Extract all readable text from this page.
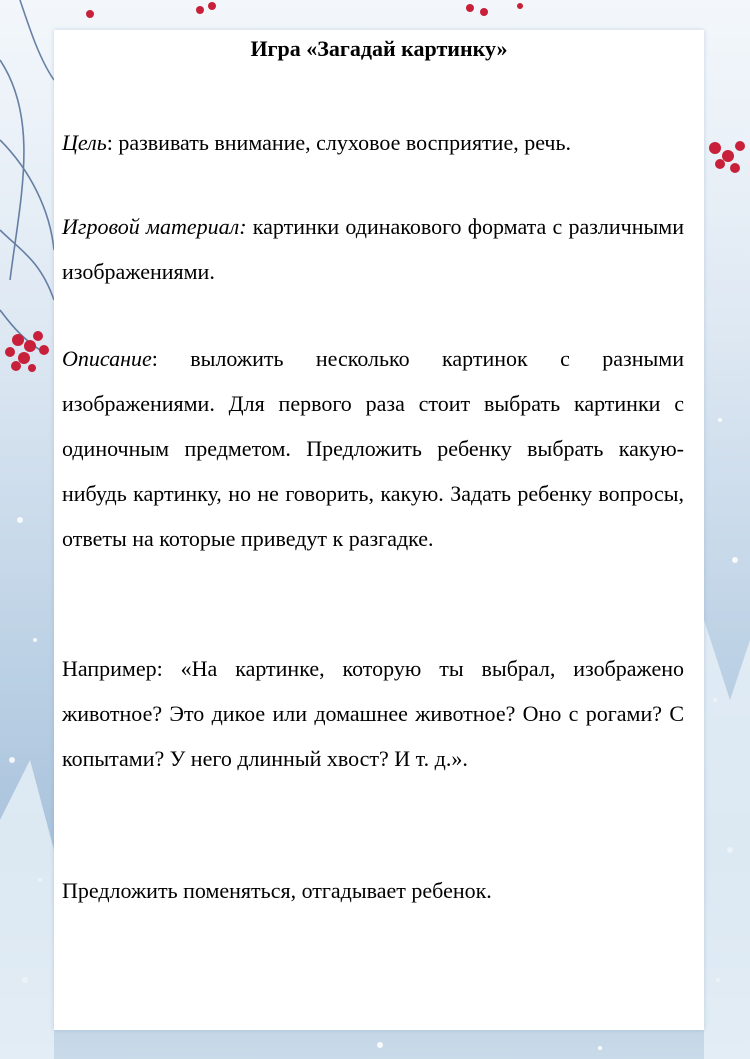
Игра «Загадай картинку»

Цель: развивать внимание, слуховое восприятие, речь.

Игровой материал: картинки одинакового формата с различными изображениями.

Описание: выложить несколько картинок с разными изображениями. Для первого раза стоит выбрать картинки с одиночным предметом. Предложить ребенку выбрать какую-нибудь картинку, но не говорить, какую. Задать ребенку вопросы, ответы на которые приведут к разгадке.

Например: «На картинке, которую ты выбрал, изображено животное? Это дикое или домашнее животное? Оно с рогами? С копытами? У него длинный хвост? И т. д.».

Предложить поменяться, отгадывает ребенок.
